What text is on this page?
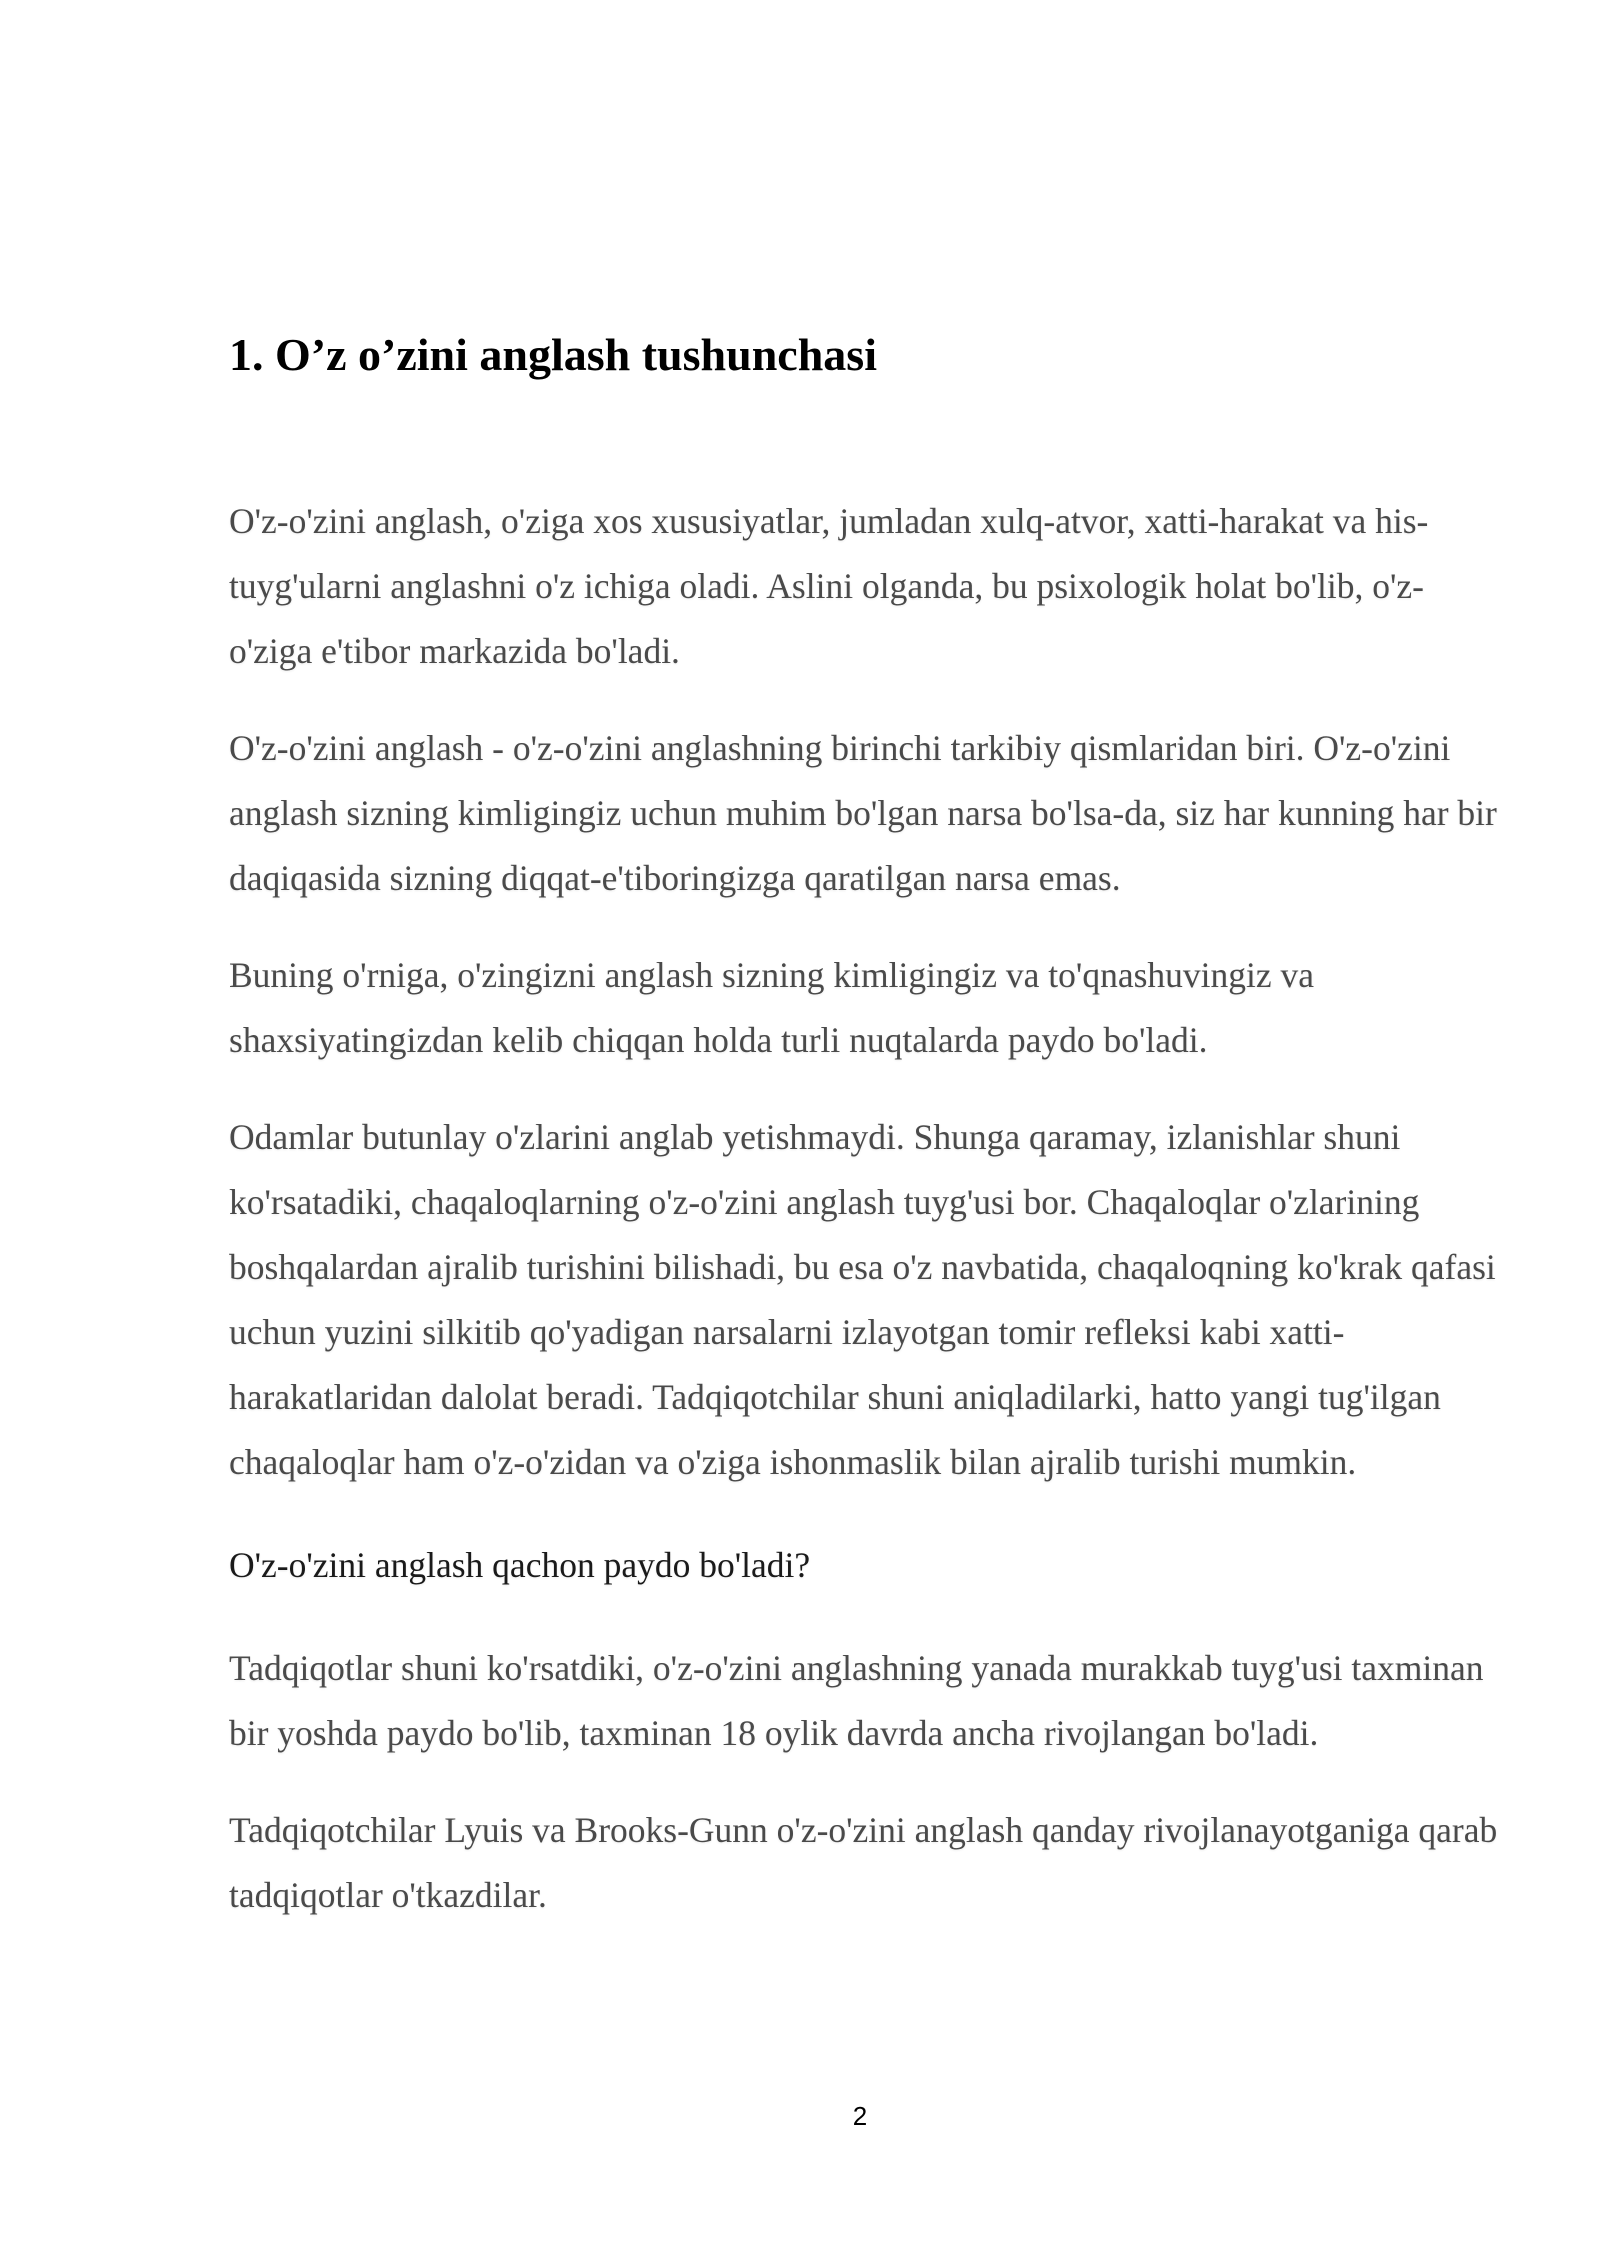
1. O’z o’zini anglash tushunchasi

O'z-o'zini anglash, o'ziga xos xususiyatlar, jumladan xulq-atvor, xatti-harakat va his-tuyg'ularni anglashni o'z ichiga oladi. Aslini olganda, bu psixologik holat bo'lib, o'z-o'ziga e'tibor markazida bo'ladi.

O'z-o'zini anglash - o'z-o'zini anglashning birinchi tarkibiy qismlaridan biri. O'z-o'zini anglash sizning kimligingiz uchun muhim bo'lgan narsa bo'lsa-da, siz har kunning har bir daqiqasida sizning diqqat-e'tiboringizga qaratilgan narsa emas.

Buning o'rniga, o'zingizni anglash sizning kimligingiz va to'qnashuvingiz va shaxsiyatingizdan kelib chiqqan holda turli nuqtalarda paydo bo'ladi.

Odamlar butunlay o'zlarini anglab yetishmaydi. Shunga qaramay, izlanishlar shuni ko'rsatadiki, chaqaloqlarning o'z-o'zini anglash tuyg'usi bor. Chaqaloqlar o'zlarining boshqalardan ajralib turishini bilishadi, bu esa o'z navbatida, chaqaloqning ko'krak qafasi uchun yuzini silkitib qo'yadigan narsalarni izlayotgan tomir refleksi kabi xatti-harakatlaridan dalolat beradi. Tadqiqotchilar shuni aniqladilarki, hatto yangi tug'ilgan chaqaloqlar ham o'z-o'zidan va o'ziga ishonmaslik bilan ajralib turishi mumkin.

O'z-o'zini anglash qachon paydo bo'ladi?

Tadqiqotlar shuni ko'rsatdiki, o'z-o'zini anglashning yanada murakkab tuyg'usi taxminan bir yoshda paydo bo'lib, taxminan 18 oylik davrda ancha rivojlangan bo'ladi.

Tadqiqotchilar Lyuis va Brooks-Gunn o'z-o'zini anglash qanday rivojlanayotganiga qarab tadqiqotlar o'tkazdilar.

2
